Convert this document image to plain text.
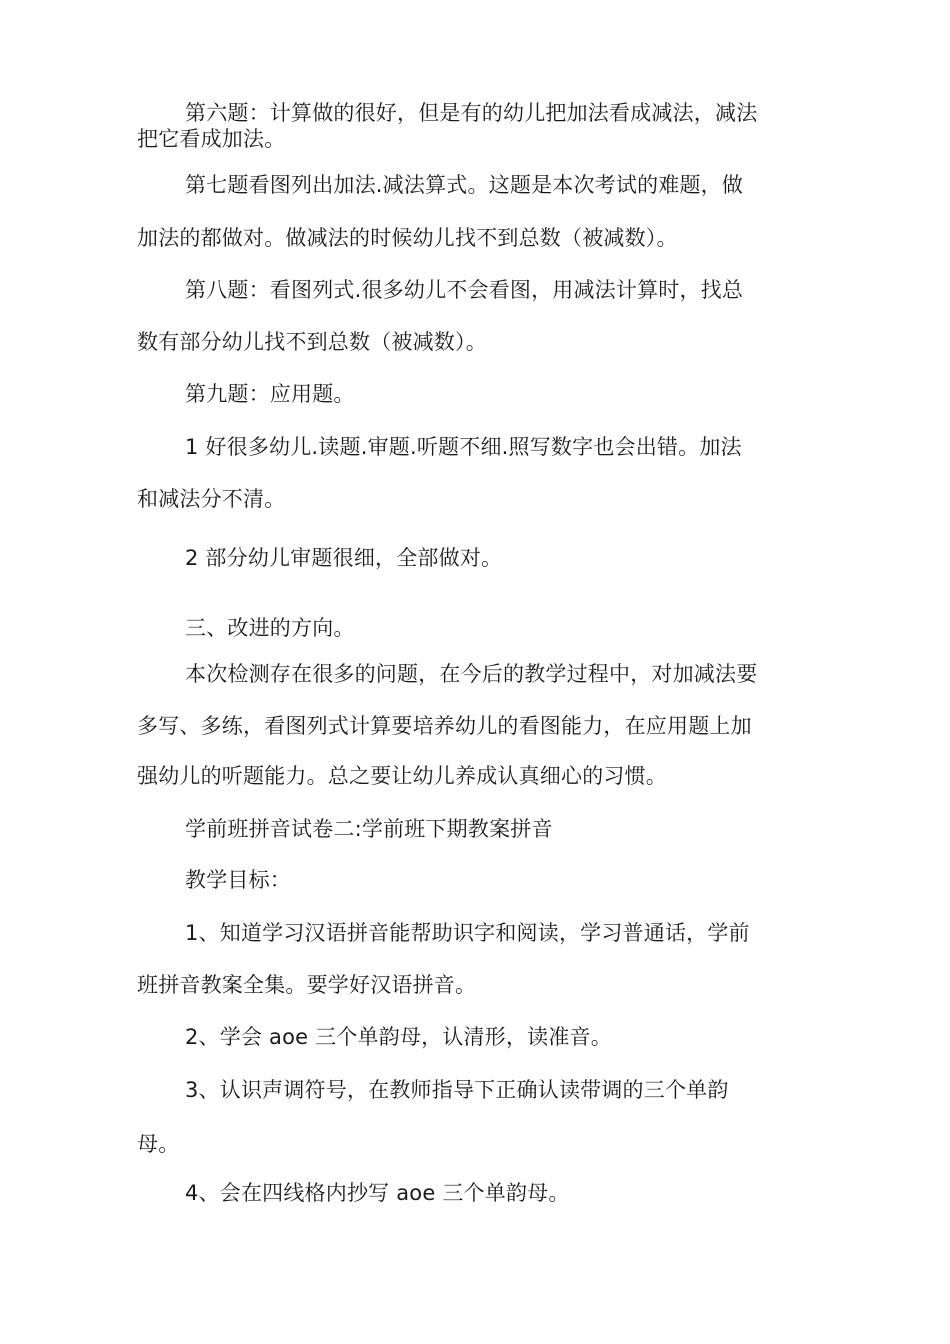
第六题：计算做的很好，但是有的幼儿把加法看成减法，减法
把它看成加法。
第七题看图列出加法.减法算式。这题是本次考试的难题，做
加法的都做对。做减法的时候幼儿找不到总数（被减数）。
第八题：看图列式.很多幼儿不会看图，用减法计算时，找总
数有部分幼儿找不到总数（被减数）。
第九题：应用题。
1 好很多幼儿.读题.审题.听题不细.照写数字也会出错。加法
和减法分不清。
2 部分幼儿审题很细，全部做对。
三、改进的方向。
本次检测存在很多的问题，在今后的教学过程中，对加减法要
多写、多练，看图列式计算要培养幼儿的看图能力，在应用题上加
强幼儿的听题能力。总之要让幼儿养成认真细心的习惯。
学前班拼音试卷二:学前班下期教案拼音
教学目标：
1、知道学习汉语拼音能帮助识字和阅读，学习普通话，学前
班拼音教案全集。要学好汉语拼音。
2、学会 aoe 三个单韵母，认清形，读准音。
3、认识声调符号，在教师指导下正确认读带调的三个单韵
母。
4、会在四线格内抄写 aoe 三个单韵母。
